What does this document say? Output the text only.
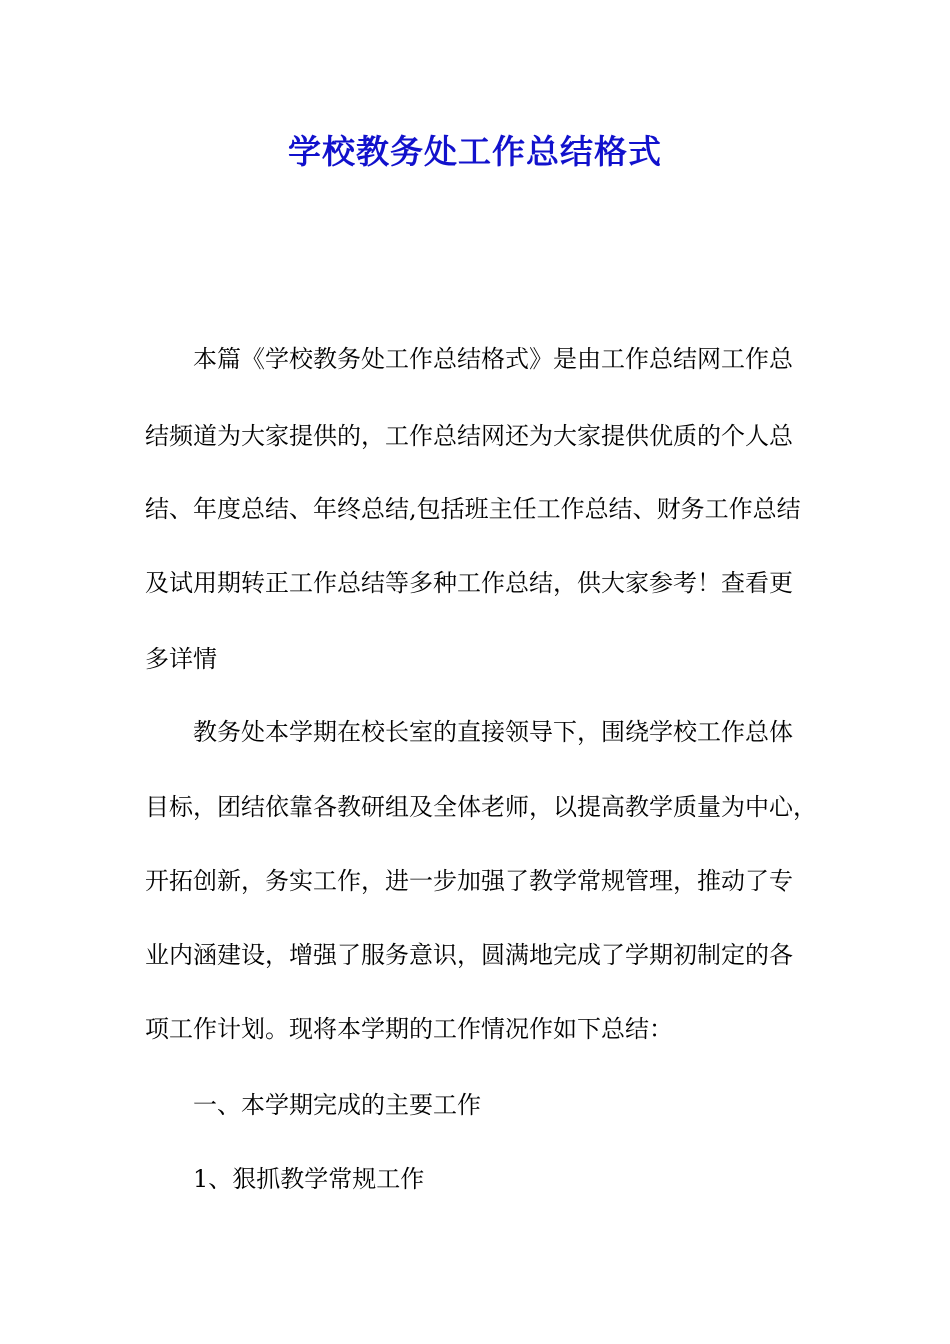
学校教务处工作总结格式
本篇《学校教务处工作总结格式》是由工作总结网工作总
结频道为大家提供的，工作总结网还为大家提供优质的个人总
结、年度总结、年终总结,包括班主任工作总结、财务工作总结
及试用期转正工作总结等多种工作总结，供大家参考！查看更
多详情
教务处本学期在校长室的直接领导下，围绕学校工作总体
目标，团结依靠各教研组及全体老师，以提高教学质量为中心，
开拓创新，务实工作，进一步加强了教学常规管理，推动了专
业内涵建设，增强了服务意识，圆满地完成了学期初制定的各
项工作计划。现将本学期的工作情况作如下总结：
一、本学期完成的主要工作
1、狠抓教学常规工作
